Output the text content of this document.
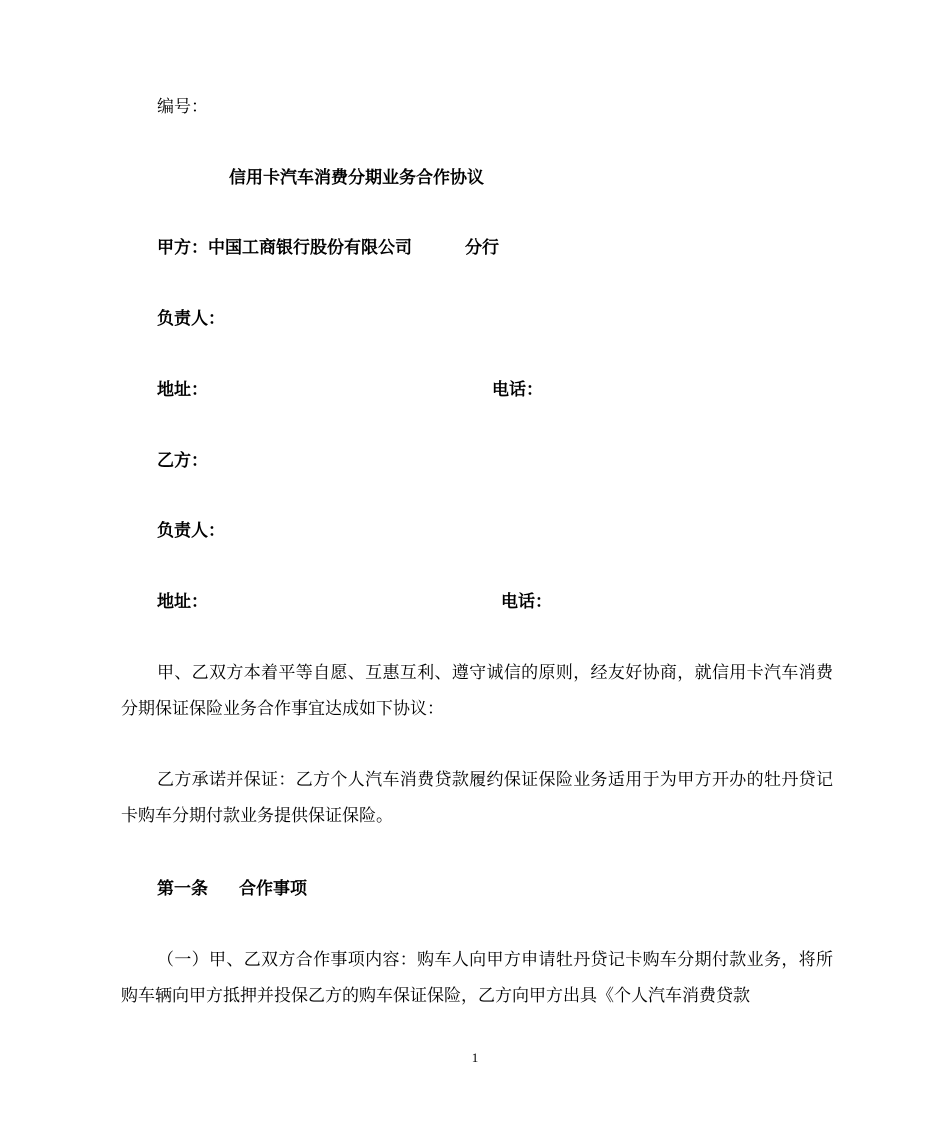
编号：
信用卡汽车消费分期业务合作协议
甲方：中国工商银行股份有限公司	分行
负责人：
地址：	电话：
乙方：
负责人：
地址：	电话：
甲、乙双方本着平等自愿、互惠互利、遵守诚信的原则，经友好协商，就信用卡汽车消费分期保证保险业务合作事宜达成如下协议：
乙方承诺并保证：乙方个人汽车消费贷款履约保证保险业务适用于为甲方开办的牡丹贷记卡购车分期付款业务提供保证保险。
第一条 合作事项
（一）甲、乙双方合作事项内容：购车人向甲方申请牡丹贷记卡购车分期付款业务，将所购车辆向甲方抵押并投保乙方的购车保证保险，乙方向甲方出具《个人汽车消费贷款
1
